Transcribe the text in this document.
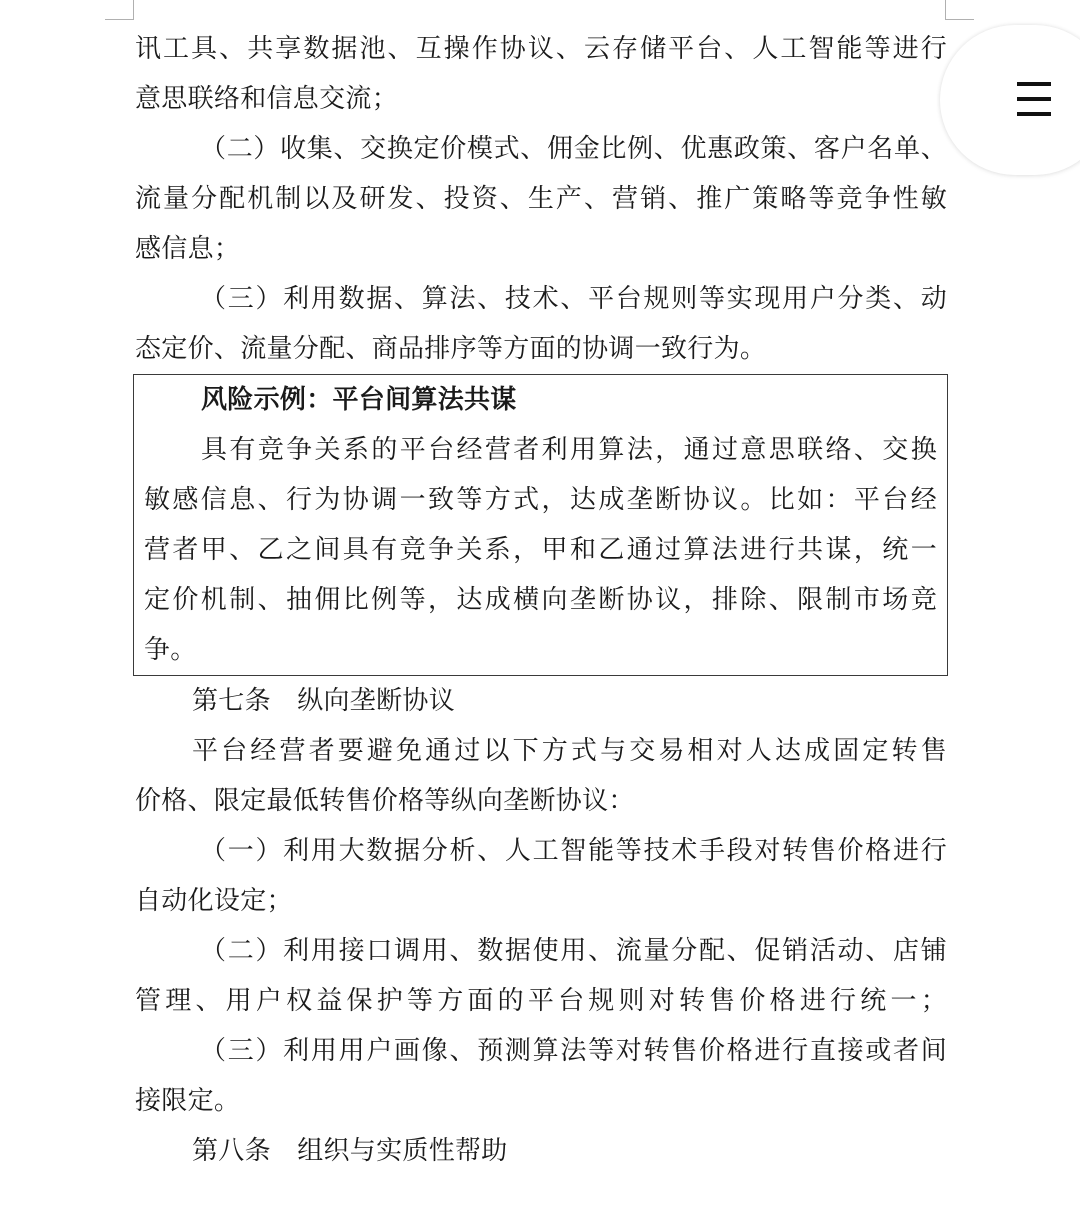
讯工具、共享数据池、互操作协议、云存储平台、人工智能等进行
意思联络和信息交流；
（二）收集、交换定价模式、佣金比例、优惠政策、客户名单、
流量分配机制以及研发、投资、生产、营销、推广策略等竞争性敏
感信息；
（三）利用数据、算法、技术、平台规则等实现用户分类、动
态定价、流量分配、商品排序等方面的协调一致行为。
风险示例：平台间算法共谋
具有竞争关系的平台经营者利用算法，通过意思联络、交换
敏感信息、行为协调一致等方式，达成垄断协议。比如：平台经
营者甲、乙之间具有竞争关系，甲和乙通过算法进行共谋，统一
定价机制、抽佣比例等，达成横向垄断协议，排除、限制市场竞
争。
第七条　纵向垄断协议
平台经营者要避免通过以下方式与交易相对人达成固定转售
价格、限定最低转售价格等纵向垄断协议：
（一）利用大数据分析、人工智能等技术手段对转售价格进行
自动化设定；
（二）利用接口调用、数据使用、流量分配、促销活动、店铺
管理、用户权益保护等方面的平台规则对转售价格进行统一；
（三）利用用户画像、预测算法等对转售价格进行直接或者间
接限定。
第八条　组织与实质性帮助
